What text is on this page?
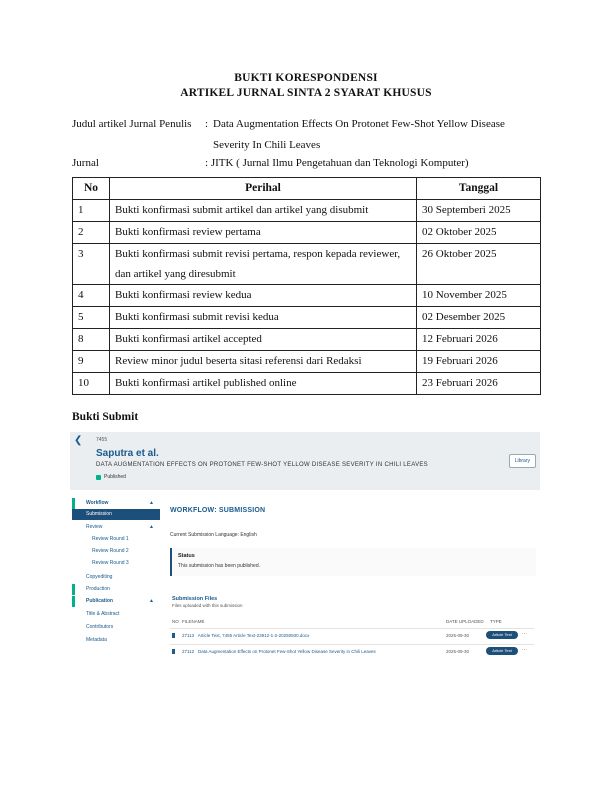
BUKTI KORESPONDENSI
ARTIKEL JURNAL SINTA 2 SYARAT KHUSUS
Judul artikel Jurnal Penulis : Data Augmentation Effects On Protonet Few-Shot Yellow Disease Severity In Chili Leaves
Jurnal	: JITK ( Jurnal Ilmu Pengetahuan dan Teknologi Komputer)
No	Perihal	Tanggal
1	Bukti konfirmasi submit artikel dan artikel yang disubmit	30 Septemberi 2025
2	Bukti konfirmasi review pertama	02 Oktober 2025
3	Bukti konfirmasi submit revisi pertama, respon kepada reviewer, dan artikel yang diresubmit	26 Oktober 2025
4	Bukti konfirmasi review kedua	10 November 2025
5	Bukti konfirmasi submit revisi kedua	02 Desember 2025
8	Bukti konfirmasi artikel accepted	12 Februari 2026
9	Review minor judul beserta sitasi referensi dari Redaksi	19 Februari 2026
10	Bukti konfirmasi artikel published online	23 Februari 2026
Bukti Submit
❮	7455
Saputra et al.
DATA AUGMENTATION EFFECTS ON PROTONET FEW-SHOT YELLOW DISEASE SEVERITY IN CHILI LEAVES
Published
Library
Workflow	▲
Submission
Review	▲
Review Round 1
Review Round 2
Review Round 3
Copyediting
Production
Publication	▲
Title & Abstract
Contributors
Metadata
WORKFLOW: SUBMISSION
Current Submission Language: English
Status
This submission has been published.
Submission Files
Files uploaded with this submission
NO FILENAME	DATE UPLOADED TYPE
27113 Article Text, 7455 Article Text-23912-1-2-20250930.docx	2025-09-30	Article Text	⋯
27112 Data Augmentation Effects on Protonet Few-Shot Yellow Disease Severity in Chili Leaves	2025-09-30	Article Text	⋯
